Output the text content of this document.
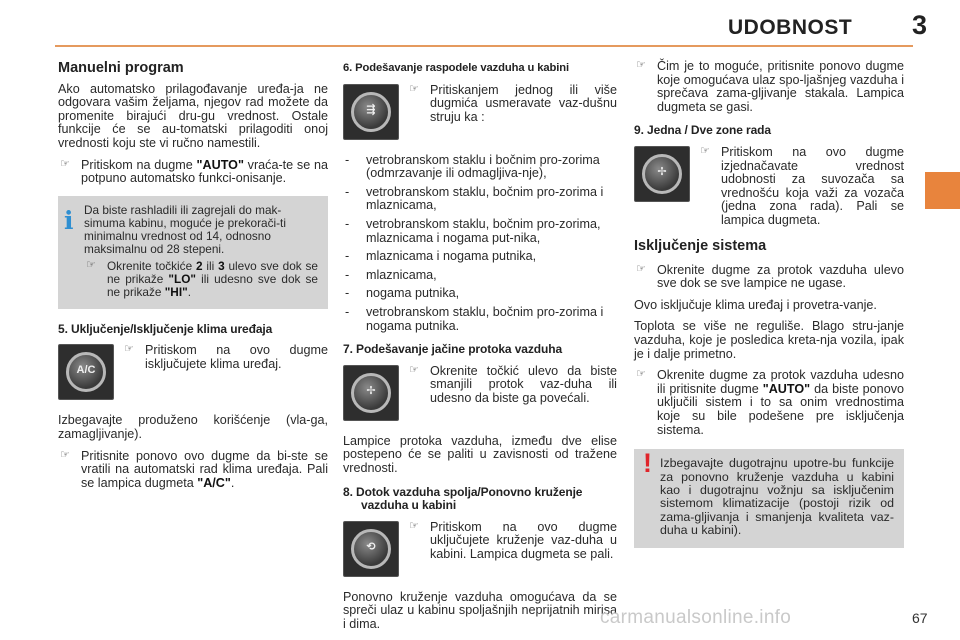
UDOBNOST 3
Manuelni program

Ako automatsko prilagođavanje uređa-ja ne odgovara vašim željama, njegov rad možete da promenite birajući dru-gu vrednost. Ostale funkcije će se au-tomatski prilagoditi onoj vrednosti koju ste vi ručno namestili.

☞ Pritiskom na dugme "AUTO" vraća-te se na potpuno automatsko funkci-onisanje.
i Da biste rashladili ili zagrejali do mak-simuma kabinu, moguće je prekorači-ti minimalnu vrednost od 14, odnosno maksimalnu od 28 stepeni.
☞ Okrenite točkiće 2 ili 3 ulevo sve dok se ne prikaže "LO" ili udesno sve dok se ne prikaže "HI".
5. Uključenje/Isključenje klima uređaja
A/C
☞ Pritiskom na ovo dugme isključujete klima uređaj.

Izbegavajte produženo korišćenje (vla-ga, zamagljivanje).

☞ Pritisnite ponovo ovo dugme da bi-ste se vratili na automatski rad klima uređaja. Pali se lampica dugmeta "A/C".
6. Podešavanje raspodele vazduha u kabini
⇶
☞ Pritiskanjem jednog ili više dugmića usmeravate vaz-dušnu struju ka :
- vetrobranskom staklu i bočnim pro-zorima (odmrzavanje ili odmagljiva-nje),
- vetrobranskom staklu, bočnim pro-zorima i mlaznicama,
- vetrobranskom staklu, bočnim pro-zorima, mlaznicama i nogama put-nika,
- mlaznicama i nogama putnika,
- mlaznicama,
- nogama putnika,
- vetrobranskom staklu, bočnim pro-zorima i nogama putnika.
7. Podešavanje jačine protoka vazduha
✢
☞ Okrenite točkić ulevo da biste smanjili protok vaz-duha ili udesno da biste ga povećali.

Lampice protoka vazduha, između dve elise postepeno će se paliti u zavisnosti od tražene vrednosti.

8. Dotok vazduha spolja/Ponovno kruženje vazduha u kabini
⟲
☞ Pritiskom na ovo dugme uključujete kruženje vaz-duha u kabini. Lampica dugmeta se pali.

Ponovno kruženje vazduha omogućava da se spreči ulaz u kabinu spoljašnjih neprijatnih mirisa i dima.

☞ Čim je to moguće, pritisnite ponovo dugme koje omogućava ulaz spo-ljašnjeg vazduha i sprečava zama-gljivanje stakala. Lampica dugmeta se gasi.
9. Jedna / Dve zone rada
✢
☞ Pritiskom na ovo dugme izjednačavate vrednost udobnosti za suvozača sa vrednošću koja važi za vozača (jedna zona rada). Pali se lampica dugmeta.
Isključenje sistema
☞ Okrenite dugme za protok vazduha ulevo sve dok se sve lampice ne ugase.

Ovo isključuje klima uređaj i provetra-vanje.

Toplota se više ne reguliše. Blago stru-janje vazduha, koje je posledica kreta-nja vozila, ipak je i dalje primetno.

☞ Okrenite dugme za protok vazduha udesno ili pritisnite dugme "AUTO" da biste ponovo uključili sistem i to sa onim vrednostima koje su bile podešene pre isključenja sistema.
! Izbegavajte dugotrajnu upotre-bu funkcije za ponovno kruženje vazduha u kabini kao i dugotrajnu vožnju sa isključenim sistemom klimatizacije (postoji rizik od zama-gljivanja i smanjenja kvaliteta vaz-duha u kabini).
carmanualsonline.info	67
